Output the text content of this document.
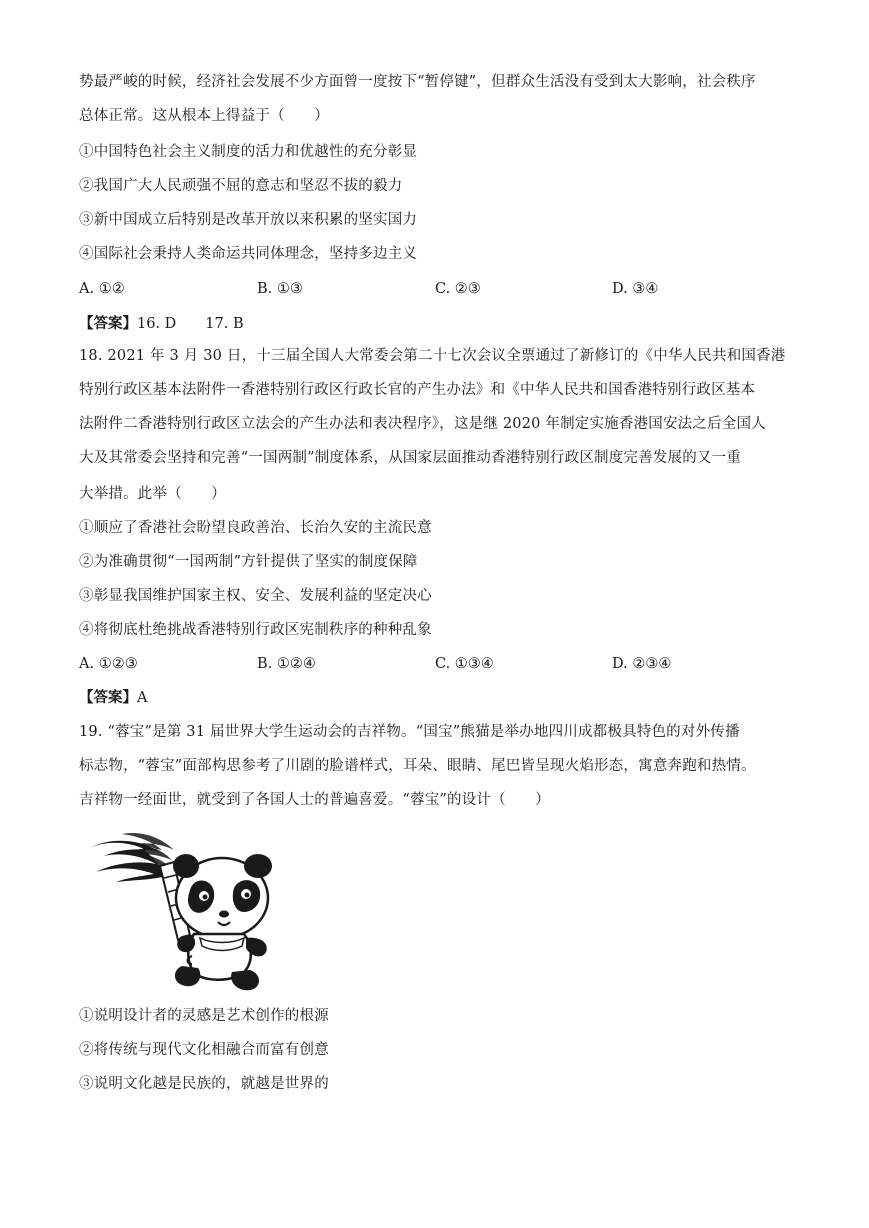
势最严峻的时候，经济社会发展不少方面曾一度按下“暂停键”，但群众生活没有受到太大影响，社会秩序
总体正常。这从根本上得益于（　　）
①中国特色社会主义制度的活力和优越性的充分彰显
②我国广大人民顽强不屈的意志和坚忍不拔的毅力
③新中国成立后特别是改革开放以来积累的坚实国力
④国际社会秉持人类命运共同体理念，坚持多边主义
A. ①②	B. ①③	C. ②③	D. ③④
【答案】16. D　　17. B
18. 2021 年 3 月 30 日，十三届全国人大常委会第二十七次会议全票通过了新修订的《中华人民共和国香港
特别行政区基本法附件一香港特别行政区行政长官的产生办法》和《中华人民共和国香港特别行政区基本
法附件二香港特别行政区立法会的产生办法和表决程序》，这是继 2020 年制定实施香港国安法之后全国人
大及其常委会坚持和完善“一国两制”制度体系，从国家层面推动香港特别行政区制度完善发展的又一重
大举措。此举（　　）
①顺应了香港社会盼望良政善治、长治久安的主流民意
②为准确贯彻“一国两制”方针提供了坚实的制度保障
③彰显我国维护国家主权、安全、发展利益的坚定决心
④将彻底杜绝挑战香港特别行政区宪制秩序的种种乱象
A. ①②③	B. ①②④	C. ①③④	D. ②③④
【答案】A
19. “蓉宝”是第 31 届世界大学生运动会的吉祥物。“国宝”熊猫是举办地四川成都极具特色的对外传播
标志物，“蓉宝”面部构思参考了川剧的脸谱样式，耳朵、眼睛、尾巴皆呈现火焰形态，寓意奔跑和热情。
吉祥物一经面世，就受到了各国人士的普遍喜爱。“蓉宝”的设计（　　）
①说明设计者的灵感是艺术创作的根源
②将传统与现代文化相融合而富有创意
③说明文化越是民族的，就越是世界的
